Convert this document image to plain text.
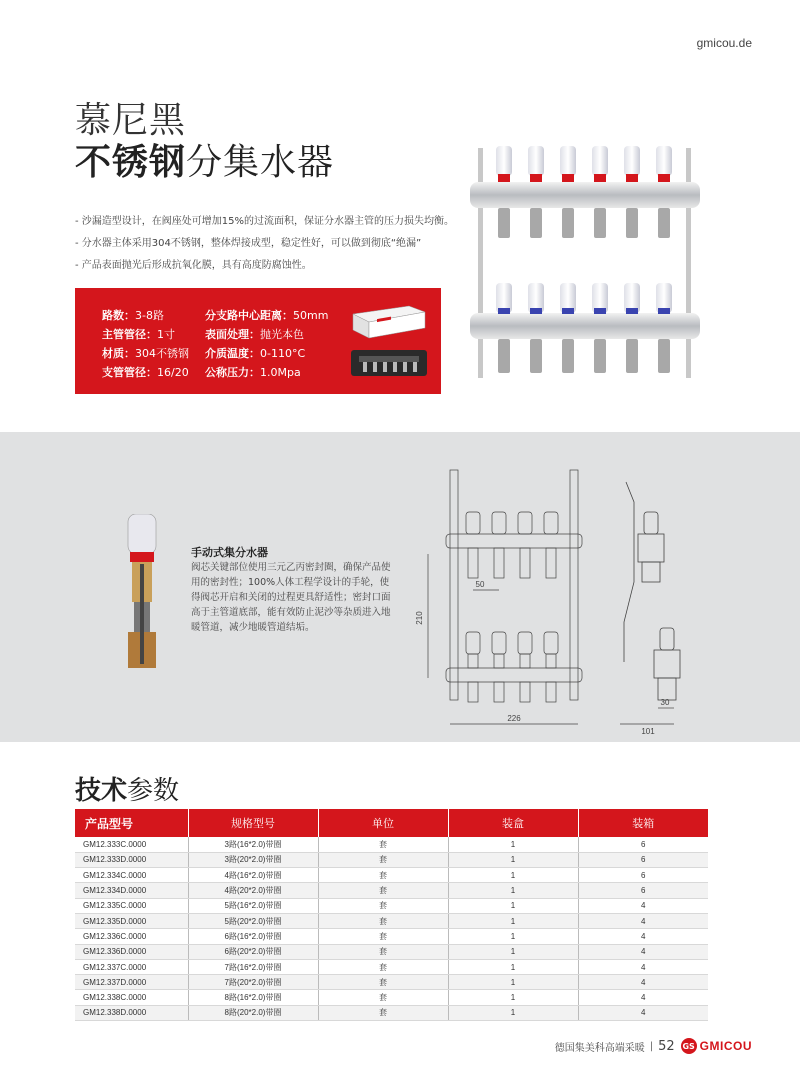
gmicou.de
慕尼黑
不锈钢分集水器
- 沙漏造型设计，在阀座处可增加15%的过流面积，保证分水器主管的压力损失均衡。
- 分水器主体采用304不锈钢，整体焊接成型，稳定性好，可以做到彻底“绝漏”
- 产品表面抛光后形成抗氧化膜，具有高度防腐蚀性。
路数：3-8路
主管管径：1寸
材质：304不锈钢
支管管径：16/20
分支路中心距离：50mm
表面处理：抛光本色
介质温度：0-110°C
公称压力：1.0Mpa
手动式集分水器
阀芯关键部位使用三元乙丙密封圈，确保产品使用的密封性；100%人体工程学设计的手轮，使得阀芯开启和关闭的过程更具舒适性；密封口面高于主管道底部，能有效防止泥沙等杂质进入地暖管道，减少地暖管道结垢。
50
210
226
30
101
技术参数
产品型号	规格型号	单位	装盒	装箱
GM12.333C.0000	3路(16*2.0)带圈	套	1	6
GM12.333D.0000	3路(20*2.0)带圈	套	1	6
GM12.334C.0000	4路(16*2.0)带圈	套	1	6
GM12.334D.0000	4路(20*2.0)带圈	套	1	6
GM12.335C.0000	5路(16*2.0)带圈	套	1	4
GM12.335D.0000	5路(20*2.0)带圈	套	1	4
GM12.336C.0000	6路(16*2.0)带圈	套	1	4
GM12.336D.0000	6路(20*2.0)带圈	套	1	4
GM12.337C.0000	7路(16*2.0)带圈	套	1	4
GM12.337D.0000	7路(20*2.0)带圈	套	1	4
GM12.338C.0000	8路(16*2.0)带圈	套	1	4
GM12.338D.0000	8路(20*2.0)带圈	套	1	4
德国集美科高端采暖 | 52 GS GMICOU
